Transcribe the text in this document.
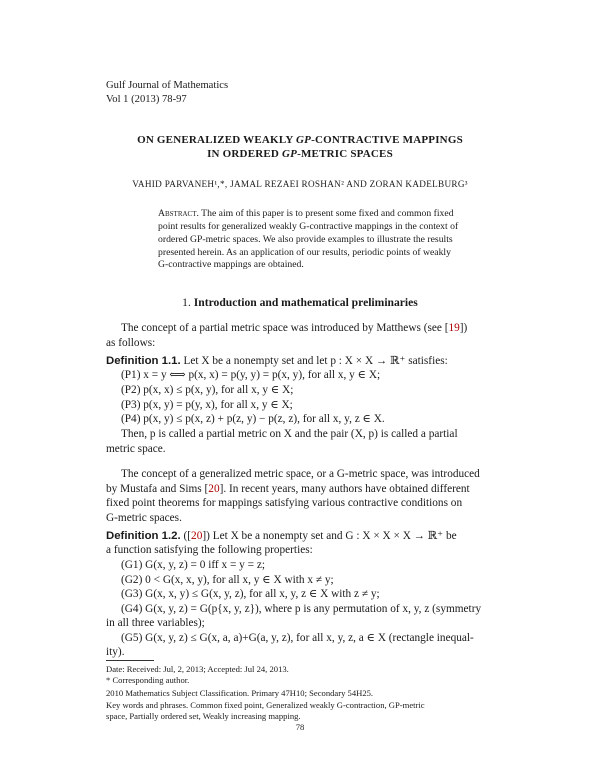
Gulf Journal of Mathematics
Vol 1 (2013) 78-97
ON GENERALIZED WEAKLY GP-CONTRACTIVE MAPPINGS
IN ORDERED GP-METRIC SPACES
VAHID PARVANEH¹,*, JAMAL REZAEI ROSHAN² AND ZORAN KADELBURG³
Abstract. The aim of this paper is to present some fixed and common fixed
point results for generalized weakly G-contractive mappings in the context of
ordered GP-metric spaces. We also provide examples to illustrate the results
presented herein. As an application of our results, periodic points of weakly
G-contractive mappings are obtained.
1. Introduction and mathematical preliminaries
The concept of a partial metric space was introduced by Matthews (see [19])
as follows:
Definition 1.1. Let X be a nonempty set and let p : X × X → ℝ⁺ satisfies:
(P1) x = y ⟺ p(x, x) = p(y, y) = p(x, y), for all x, y ∈ X;
(P2) p(x, x) ≤ p(x, y), for all x, y ∈ X;
(P3) p(x, y) = p(y, x), for all x, y ∈ X;
(P4) p(x, y) ≤ p(x, z) + p(z, y) − p(z, z), for all x, y, z ∈ X.
Then, p is called a partial metric on X and the pair (X, p) is called a partial
metric space.
The concept of a generalized metric space, or a G-metric space, was introduced
by Mustafa and Sims [20]. In recent years, many authors have obtained different
fixed point theorems for mappings satisfying various contractive conditions on
G-metric spaces.
Definition 1.2. ([20]) Let X be a nonempty set and G : X × X × X → ℝ⁺ be
a function satisfying the following properties:
(G1) G(x, y, z) = 0 iff x = y = z;
(G2) 0 < G(x, x, y), for all x, y ∈ X with x ≠ y;
(G3) G(x, x, y) ≤ G(x, y, z), for all x, y, z ∈ X with z ≠ y;
(G4) G(x, y, z) = G(p{x, y, z}), where p is any permutation of x, y, z (symmetry
in all three variables);
(G5) G(x, y, z) ≤ G(x, a, a)+G(a, y, z), for all x, y, z, a ∈ X (rectangle inequal-
Date: Received: Jul, 2, 2013; Accepted: Jul 24, 2013.
* Corresponding author.
2010 Mathematics Subject Classification. Primary 47H10; Secondary 54H25.
Key words and phrases. Common fixed point, Generalized weakly G-contraction, GP-metric
space, Partially ordered set, Weakly increasing mapping.
78
ity).
